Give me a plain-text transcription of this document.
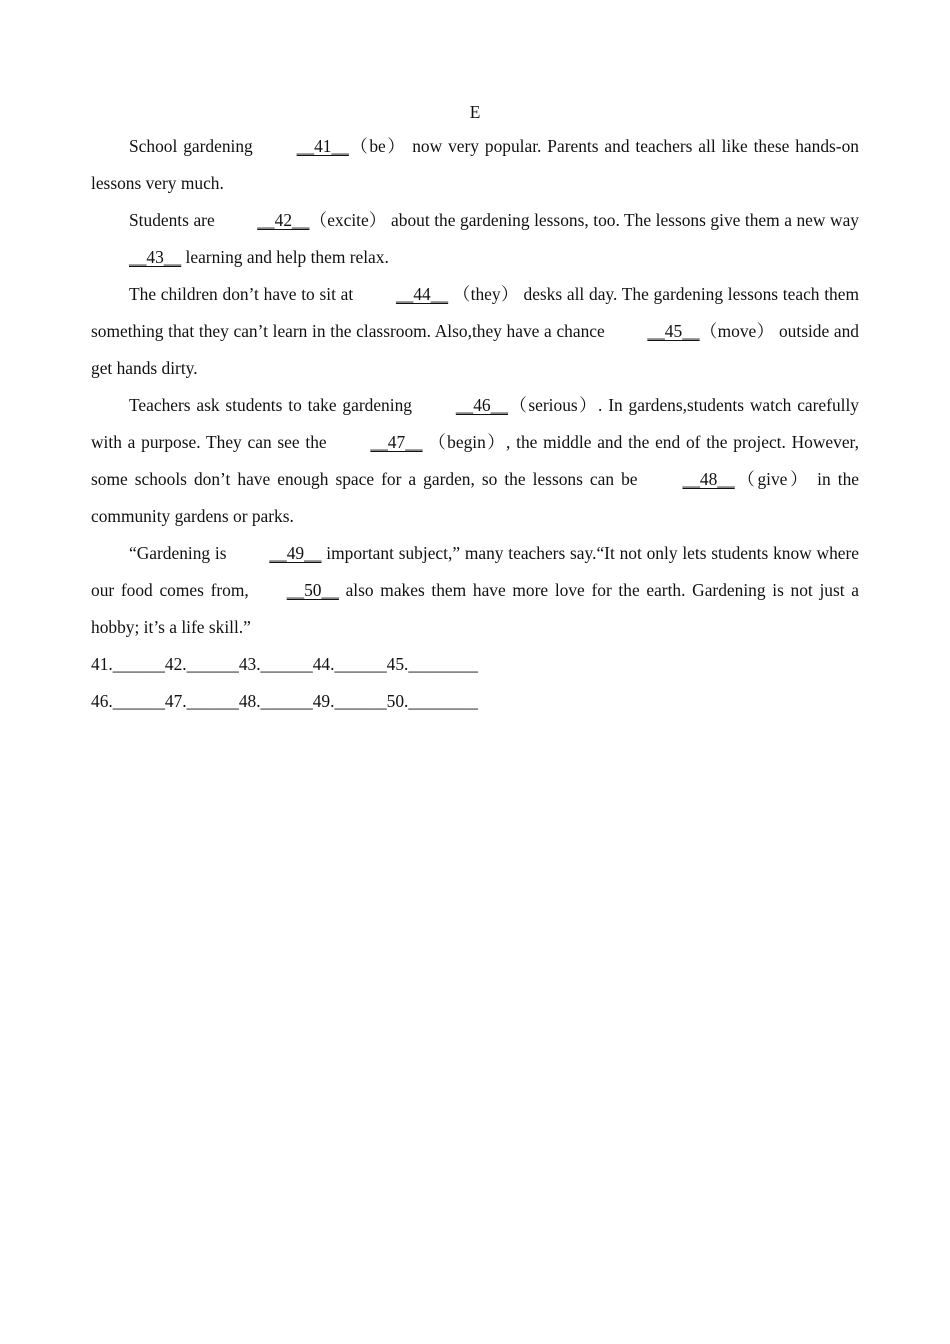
E

School gardening __41__（be） now very popular. Parents and teachers all like these hands-on lessons very much.

Students are __42__（excite） about the gardening lessons, too. The lessons give them a new way __43__ learning and help them relax.

The children don’t have to sit at __44__ （they） desks all day. The gardening lessons teach them something that they can’t learn in the classroom. Also,they have a chance __45__（move） outside and get hands dirty.

Teachers ask students to take gardening __46__（serious）. In gardens,students watch carefully with a purpose. They can see the __47__ （begin）, the middle and the end of the project. However, some schools don’t have enough space for a garden, so the lessons can be __48__（give） in the community gardens or parks.

“Gardening is __49__ important subject,” many teachers say.“It not only lets students know where our food comes from, __50__ also makes them have more love for the earth. Gardening is not just a hobby; it’s a life skill.”

41.______42.______43.______44.______45.________

46.______47.______48.______49.______50.________
